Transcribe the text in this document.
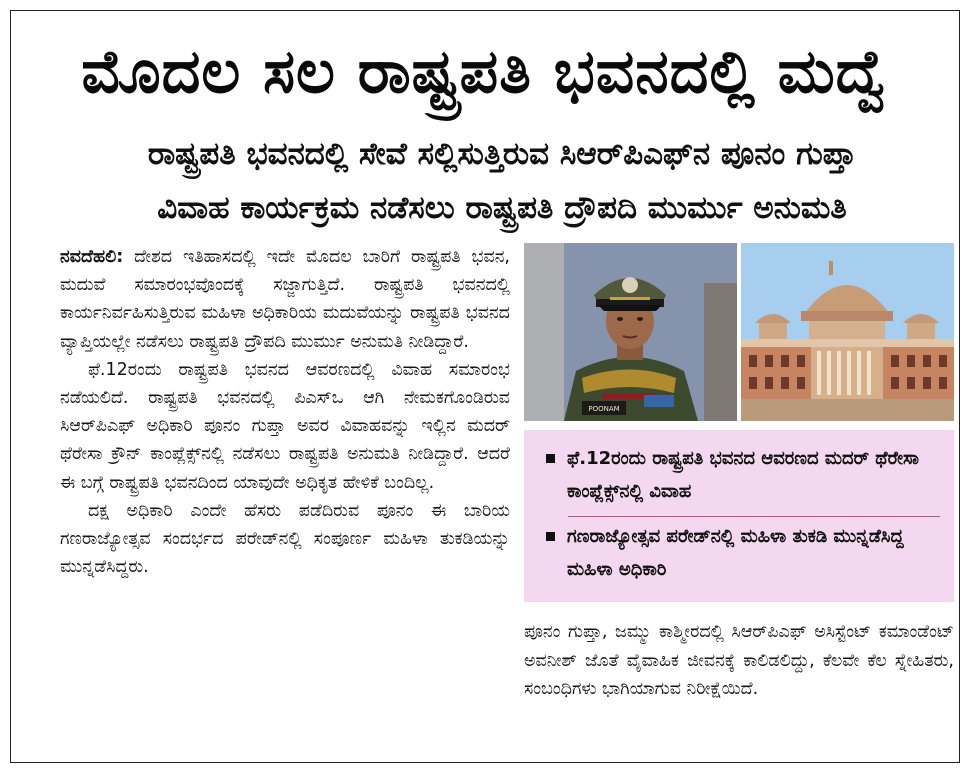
ಮೊದಲ ಸಲ ರಾಷ್ಟ್ರಪತಿ ಭವನದಲ್ಲಿ ಮದ್ವೆ
ರಾಷ್ಟ್ರಪತಿ ಭವನದಲ್ಲಿ ಸೇವೆ ಸಲ್ಲಿಸುತ್ತಿರುವ ಸಿಆರ್‌ಪಿಎಫ್‌ನ ಪೂನಂ ಗುಪ್ತಾ
ವಿವಾಹ ಕಾರ್ಯಕ್ರಮ ನಡೆಸಲು ರಾಷ್ಟ್ರಪತಿ ದ್ರೌಪದಿ ಮುರ್ಮು ಅನುಮತಿ

ನವದೆಹಲಿ: ದೇಶದ ಇತಿಹಾಸದಲ್ಲಿ ಇದೇ ಮೊದಲ ಬಾರಿಗೆ ರಾಷ್ಟ್ರಪತಿ ಭವನ, ಮದುವೆ ಸಮಾರಂಭವೊಂದಕ್ಕೆ ಸಜ್ಜಾಗುತ್ತಿದೆ. ರಾಷ್ಟ್ರಪತಿ ಭವನದಲ್ಲಿ ಕಾರ್ಯನಿರ್ವಹಿಸುತ್ತಿರುವ ಮಹಿಳಾ ಅಧಿಕಾರಿಯ ಮದುವೆಯನ್ನು ರಾಷ್ಟ್ರಪತಿ ಭವನದ ವ್ಯಾಪ್ತಿಯಲ್ಲೇ ನಡೆಸಲು ರಾಷ್ಟ್ರಪತಿ ದ್ರೌಪದಿ ಮುರ್ಮು ಅನುಮತಿ ನೀಡಿದ್ದಾರೆ.

ಫೆ.12ರಂದು ರಾಷ್ಟ್ರಪತಿ ಭವನದ ಆವರಣದಲ್ಲಿ ವಿವಾಹ ಸಮಾರಂಭ ನಡೆಯಲಿದೆ. ರಾಷ್ಟ್ರಪತಿ ಭವನದಲ್ಲಿ ಪಿಎಸ್‌ಒ ಆಗಿ ನೇಮಕಗೊಂಡಿರುವ ಸಿಆರ್‌ಪಿಎಫ್ ಅಧಿಕಾರಿ ಪೂನಂ ಗುಪ್ತಾ ಅವರ ವಿವಾಹವನ್ನು ಇಲ್ಲಿನ ಮದರ್ ಥೆರೇಸಾ ಕ್ರೌನ್ ಕಾಂಪ್ಲೆಕ್ಸ್‌ನಲ್ಲಿ ನಡೆಸಲು ರಾಷ್ಟ್ರಪತಿ ಅನುಮತಿ ನೀಡಿದ್ದಾರೆ. ಆದರೆ ಈ ಬಗ್ಗೆ ರಾಷ್ಟ್ರಪತಿ ಭವನದಿಂದ ಯಾವುದೇ ಅಧಿಕೃತ ಹೇಳಿಕೆ ಬಂದಿಲ್ಲ.

ದಕ್ಷ ಅಧಿಕಾರಿ ಎಂದೇ ಹೆಸರು ಪಡೆದಿರುವ ಪೂನಂ ಈ ಬಾರಿಯ ಗಣರಾಜ್ಯೋತ್ಸವ ಸಂದರ್ಭದ ಪರೇಡ್‌ನಲ್ಲಿ ಸಂಪೂರ್ಣ ಮಹಿಳಾ ತುಕಡಿಯನ್ನು ಮುನ್ನಡೆಸಿದ್ದರು.

POONAM
ಫೆ.12ರಂದು ರಾಷ್ಟ್ರಪತಿ ಭವನದ ಆವರಣದ ಮದರ್ ಥೆರೇಸಾ ಕಾಂಪ್ಲೆಕ್ಸ್‌ನಲ್ಲಿ ವಿವಾಹ
ಗಣರಾಜ್ಯೋತ್ಸವ ಪರೇಡ್‌ನಲ್ಲಿ ಮಹಿಳಾ ತುಕಡಿ ಮುನ್ನಡೆಸಿದ್ದ ಮಹಿಳಾ ಅಧಿಕಾರಿ

ಪೂನಂ ಗುಪ್ತಾ, ಜಮ್ಮು ಕಾಶ್ಮೀರದಲ್ಲಿ ಸಿಆರ್‌ಪಿಎಫ್ ಅಸಿಸ್ಟೆಂಟ್ ಕಮಾಂಡೆಂಟ್ ಅವನೀಶ್ ಜೊತೆ ವೈವಾಹಿಕ ಜೀವನಕ್ಕೆ ಕಾಲಿಡಲಿದ್ದು, ಕೆಲವೇ ಕೆಲ ಸ್ನೇಹಿತರು, ಸಂಬಂಧಿಗಳು ಭಾಗಿಯಾಗುವ ನಿರೀಕ್ಷೆಯಿದೆ.
